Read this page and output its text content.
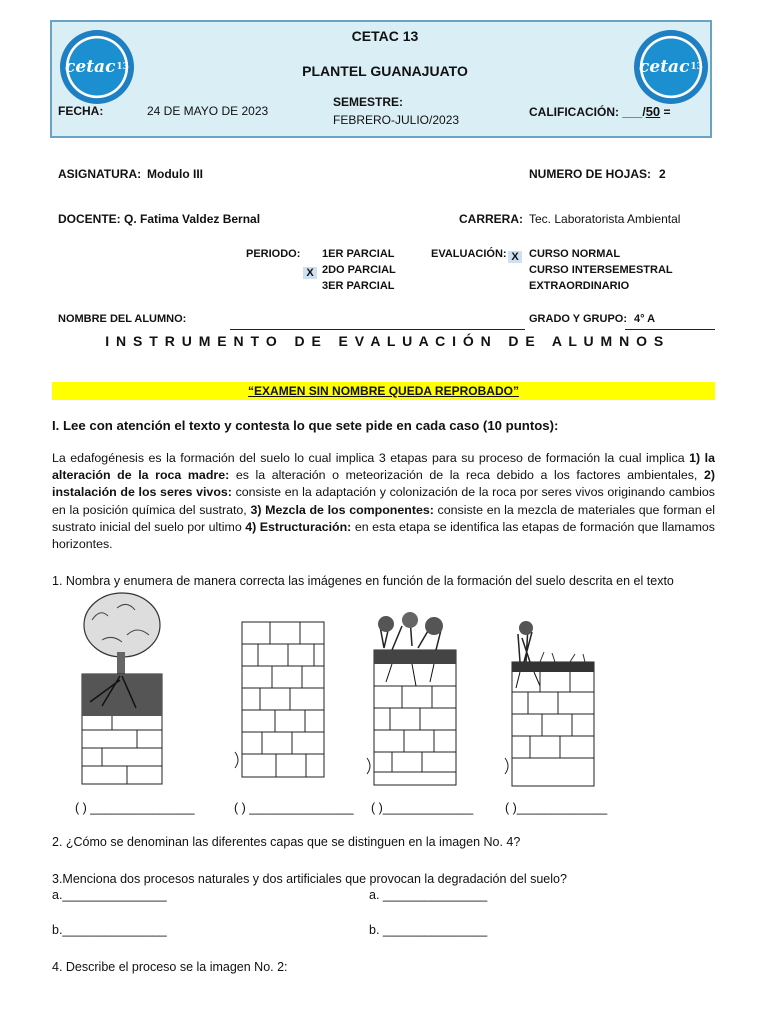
cetac 13	cetac 13
CETAC 13
PLANTEL GUANAJUATO
FECHA:	24 DE MAYO DE 2023
SEMESTRE:
FEBRERO-JULIO/2023
CALIFICACIÓN: ___/50 =
ASIGNATURA: Modulo III	NUMERO DE HOJAS: 2
DOCENTE: Q. Fatima Valdez Bernal	CARRERA: Tec. Laboratorista Ambiental
PERIODO: 1ER PARCIAL
X 2DO PARCIAL
3ER PARCIAL
EVALUACIÓN: X CURSO NORMAL
CURSO INTERSEMESTRAL
EXTRAORDINARIO
NOMBRE DEL ALUMNO:	GRADO Y GRUPO: 4° A
I N S T R U M E N T O   D E   E V A L U A C I Ó N   D E   A L U M N O S
“EXAMEN SIN NOMBRE QUEDA REPROBADO”
I. Lee con atención el texto y contesta lo que sete pide en cada caso (10 puntos):
La edafogénesis es la formación del suelo lo cual implica 3 etapas para su proceso de formación la cual implica 1) la alteración de la roca madre: es la alteración o meteorización de la reca debido a los factores ambientales, 2) instalación de los seres vivos: consiste en la adaptación y colonización de la roca por seres vivos originando cambios en la posición química del sustrato, 3) Mezcla de los componentes: consiste en la mezcla de materiales que forman el sustrato inicial del suelo por ultimo 4) Estructuración: en esta etapa se identifica las etapas de formación que llamamos horizontes.
1. Nombra y enumera de manera correcta las imágenes en función de la formación del suelo descrita en el texto
( ) _______________	( ) _______________ ( )_____________	( )_____________
2. ¿Cómo se denominan las diferentes capas que se distinguen en la imagen No. 4?
3.Menciona dos procesos naturales y dos artificiales que provocan la degradación del suelo?
a._______________	a. _______________
b._______________	b. _______________
4. Describe el proceso se la imagen No. 2:
